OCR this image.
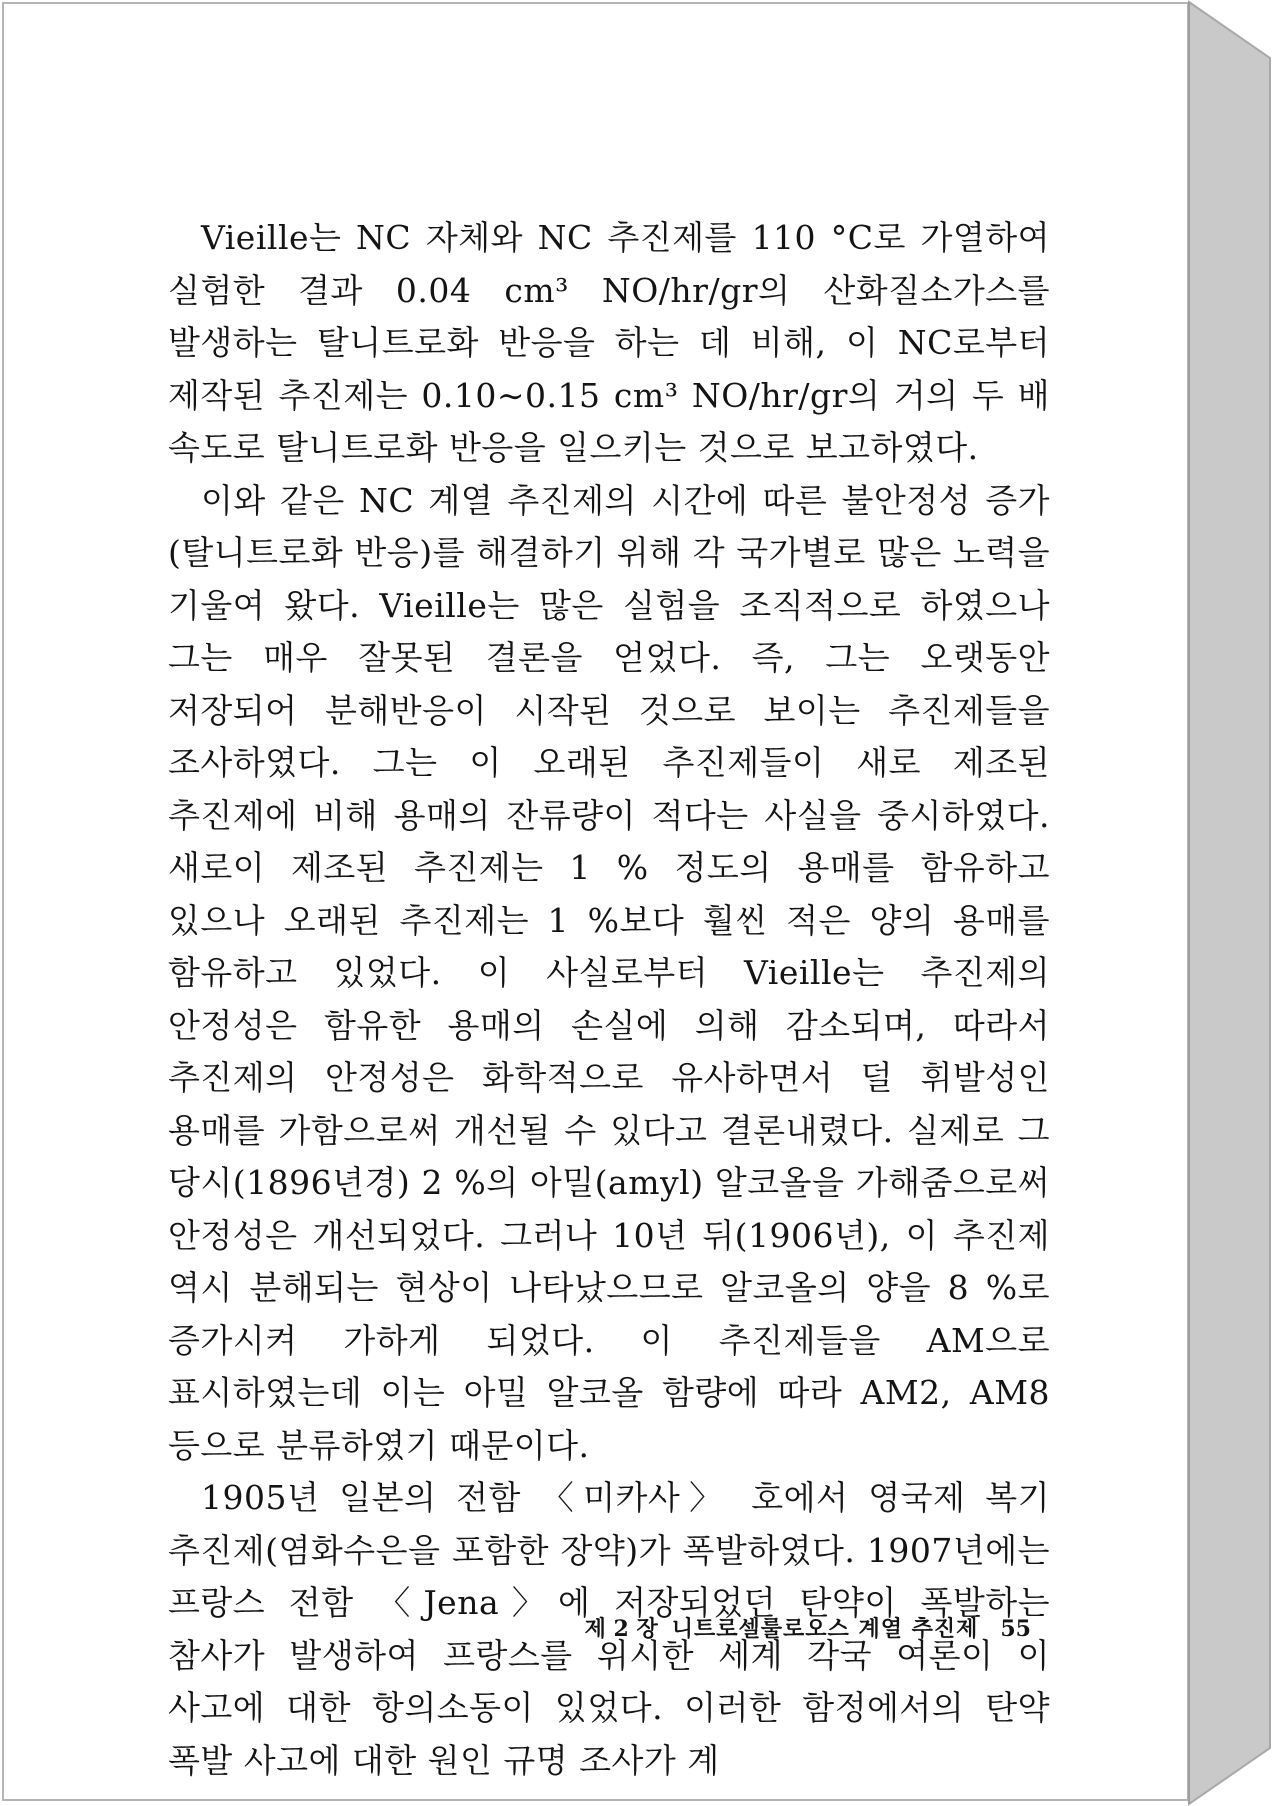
Vieille는 NC 자체와 NC 추진제를 110 °C로 가열하여 실험한 결과 0.04 cm³ NO/hr/gr의 산화질소가스를 발생하는 탈니트로화 반응을 하는 데 비해, 이 NC로부터 제작된 추진제는 0.10∼0.15 cm³ NO/hr/gr의 거의 두 배 속도로 탈니트로화 반응을 일으키는 것으로 보고하였다.

이와 같은 NC 계열 추진제의 시간에 따른 불안정성 증가(탈니트로화 반응)를 해결하기 위해 각 국가별로 많은 노력을 기울여 왔다. Vieille는 많은 실험을 조직적으로 하였으나 그는 매우 잘못된 결론을 얻었다. 즉, 그는 오랫동안 저장되어 분해반응이 시작된 것으로 보이는 추진제들을 조사하였다. 그는 이 오래된 추진제들이 새로 제조된 추진제에 비해 용매의 잔류량이 적다는 사실을 중시하였다. 새로이 제조된 추진제는 1 % 정도의 용매를 함유하고 있으나 오래된 추진제는 1 %보다 훨씬 적은 양의 용매를 함유하고 있었다. 이 사실로부터 Vieille는 추진제의 안정성은 함유한 용매의 손실에 의해 감소되며, 따라서 추진제의 안정성은 화학적으로 유사하면서 덜 휘발성인 용매를 가함으로써 개선될 수 있다고 결론내렸다. 실제로 그 당시(1896년경) 2 %의 아밀(amyl) 알코올을 가해줌으로써 안정성은 개선되었다. 그러나 10년 뒤(1906년), 이 추진제 역시 분해되는 현상이 나타났으므로 알코올의 양을 8 %로 증가시켜 가하게 되었다. 이 추진제들을 AM으로 표시하였는데 이는 아밀 알코올 함량에 따라 AM2, AM8 등으로 분류하였기 때문이다.

1905년 일본의 전함 〈미카사〉 호에서 영국제 복기 추진제(염화수은을 포함한 장약)가 폭발하였다. 1907년에는 프랑스 전함 〈Jena〉에 저장되었던 탄약이 폭발하는 참사가 발생하여 프랑스를 위시한 세계 각국 여론이 이 사고에 대한 항의소동이 있었다. 이러한 함정에서의 탄약 폭발 사고에 대한 원인 규명 조사가 계

제 2 장 니트로셀룰로오스 계열 추진제 55
